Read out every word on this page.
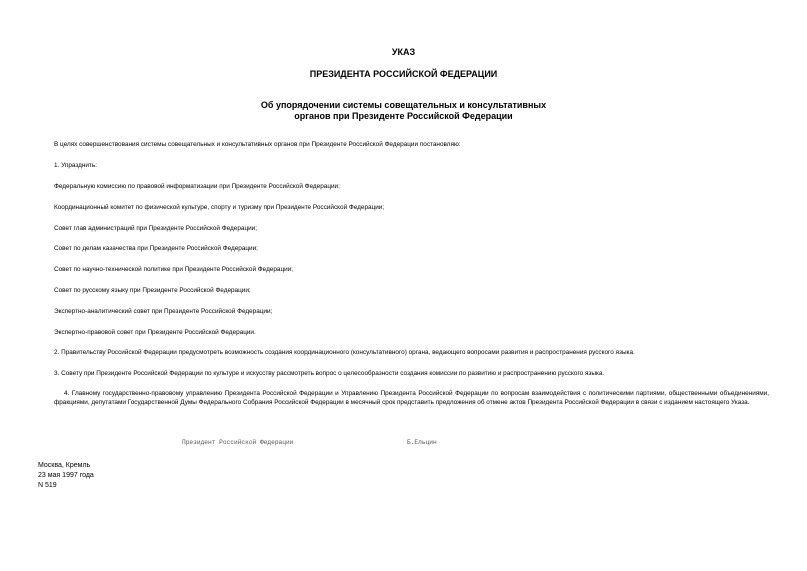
УКАЗ
ПРЕЗИДЕНТА РОССИЙСКОЙ ФЕДЕРАЦИИ
Об упорядочении системы совещательных и консультативных
органов при Президенте Российской Федерации
В целях совершенствования системы совещательных и консультативных органов при Президенте Российской Федерации постановляю:
1. Упразднить:
Федеральную комиссию по правовой информатизации при Президенте Российской Федерации;
Координационный комитет по физической культуре, спорту и туризму при Президенте Российской Федерации;
Совет глав администраций при Президенте Российской Федерации;
Совет по делам казачества при Президенте Российской Федерации;
Совет по научно-технической политике при Президенте Российской Федерации;
Совет по русскому языку при Президенте Российской Федерации;
Экспертно-аналитический совет при Президенте Российской Федерации;
Экспертно-правовой совет при Президенте Российской Федерации.
2. Правительству Российской Федерации предусмотреть возможность создания координационного (консультативного) органа, ведающего вопросами развития и распространения русского языка.
3. Совету при Президенте Российской Федерации по культуре и искусству рассмотреть вопрос о целесообразности создания комиссии по развитию и распространению русского языка.
4. Главному государственно-правовому управлению Президента Российской Федерации и Управлению Президента Российской Федерации по вопросам взаимодействия с политическими партиями, общественными объединениями, фракциями, депутатами Государственной Думы Федерального Собрания Российской Федерации в месячный срок представить предложения об отмене актов Президента Российской Федерации в связи с изданием настоящего Указа.
Президент Российской Федерации	Б.Ельцин
Москва, Кремль
23 мая 1997 года
N 519
